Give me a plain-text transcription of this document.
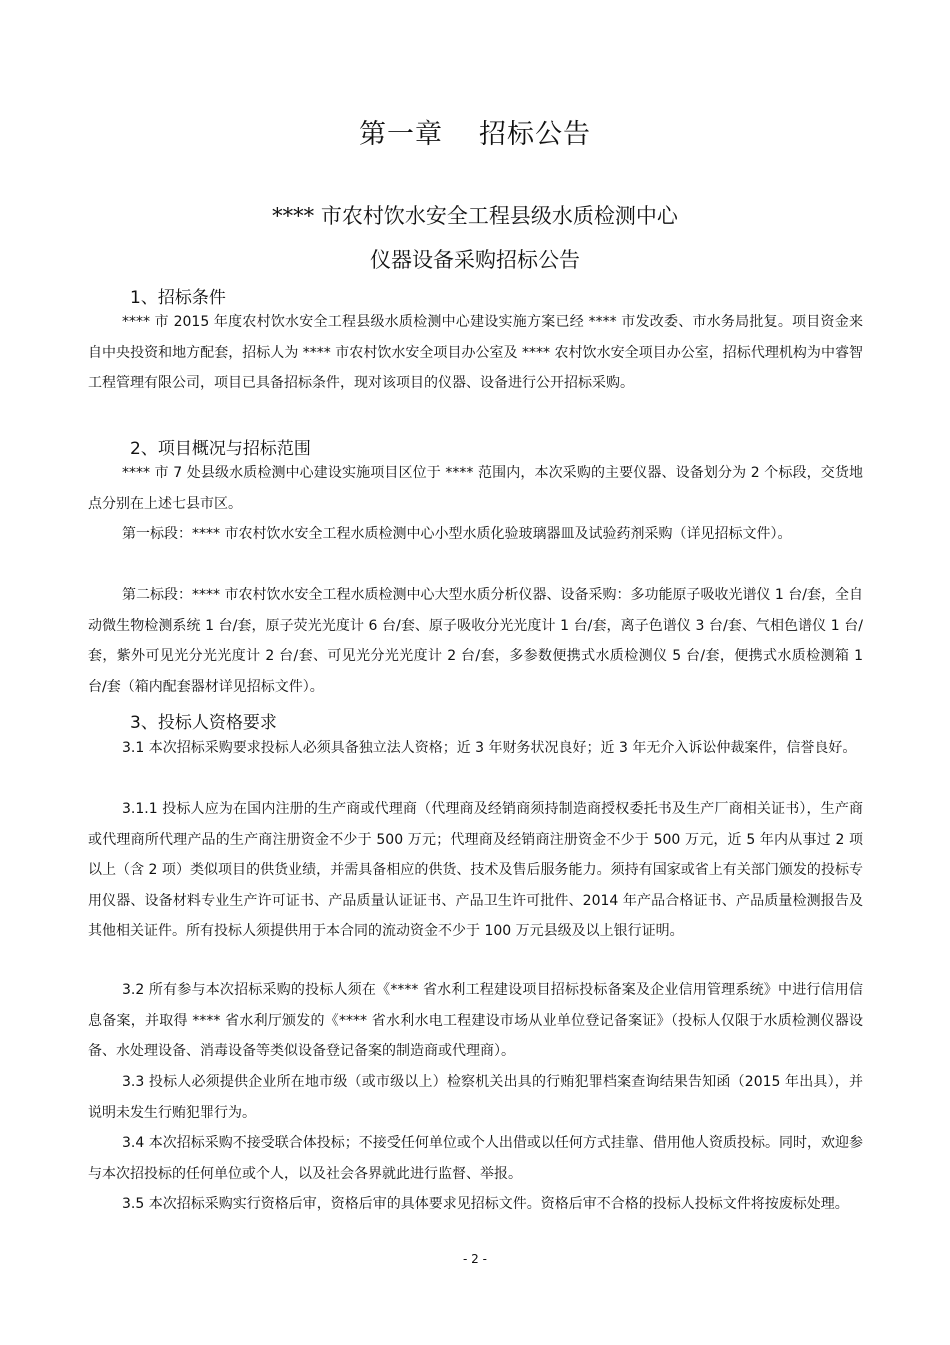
第一章 招标公告
**** 市农村饮水安全工程县级水质检测中心
仪器设备采购招标公告
1、招标条件
**** 市 2015 年度农村饮水安全工程县级水质检测中心建设实施方案已经 **** 市发改委、市水务局批复。项目资金来自中央投资和地方配套，招标人为 **** 市农村饮水安全项目办公室及 **** 农村饮水安全项目办公室，招标代理机构为中睿智工程管理有限公司，项目已具备招标条件，现对该项目的仪器、设备进行公开招标采购。
2、项目概况与招标范围
**** 市 7 处县级水质检测中心建设实施项目区位于 **** 范围内，本次采购的主要仪器、设备划分为 2 个标段，交货地点分别在上述七县市区。
第一标段：**** 市农村饮水安全工程水质检测中心小型水质化验玻璃器皿及试验药剂采购（详见招标文件）。
第二标段：**** 市农村饮水安全工程水质检测中心大型水质分析仪器、设备采购：多功能原子吸收光谱仪 1 台/套，全自动微生物检测系统 1 台/套，原子荧光光度计 6 台/套、原子吸收分光光度计 1 台/套，离子色谱仪 3 台/套、气相色谱仪 1 台/套，紫外可见光分光光度计 2 台/套、可见光分光光度计 2 台/套，多参数便携式水质检测仪 5 台/套，便携式水质检测箱 1 台/套（箱内配套器材详见招标文件）。
3、投标人资格要求
3.1 本次招标采购要求投标人必须具备独立法人资格；近 3 年财务状况良好；近 3 年无介入诉讼仲裁案件，信誉良好。
3.1.1 投标人应为在国内注册的生产商或代理商（代理商及经销商须持制造商授权委托书及生产厂商相关证书），生产商或代理商所代理产品的生产商注册资金不少于 500 万元；代理商及经销商注册资金不少于 500 万元，近 5 年内从事过 2 项以上（含 2 项）类似项目的供货业绩，并需具备相应的供货、技术及售后服务能力。须持有国家或省上有关部门颁发的投标专用仪器、设备材料专业生产许可证书、产品质量认证证书、产品卫生许可批件、2014 年产品合格证书、产品质量检测报告及其他相关证件。所有投标人须提供用于本合同的流动资金不少于 100 万元县级及以上银行证明。
3.2 所有参与本次招标采购的投标人须在《**** 省水利工程建设项目招标投标备案及企业信用管理系统》中进行信用信息备案，并取得 **** 省水利厅颁发的《**** 省水利水电工程建设市场从业单位登记备案证》（投标人仅限于水质检测仪器设备、水处理设备、消毒设备等类似设备登记备案的制造商或代理商）。
3.3 投标人必须提供企业所在地市级（或市级以上）检察机关出具的行贿犯罪档案查询结果告知函（2015 年出具），并说明未发生行贿犯罪行为。
3.4 本次招标采购不接受联合体投标；不接受任何单位或个人出借或以任何方式挂靠、借用他人资质投标。同时，欢迎参与本次招投标的任何单位或个人，以及社会各界就此进行监督、举报。
3.5 本次招标采购实行资格后审，资格后审的具体要求见招标文件。资格后审不合格的投标人投标文件将按废标处理。
- 2 -
